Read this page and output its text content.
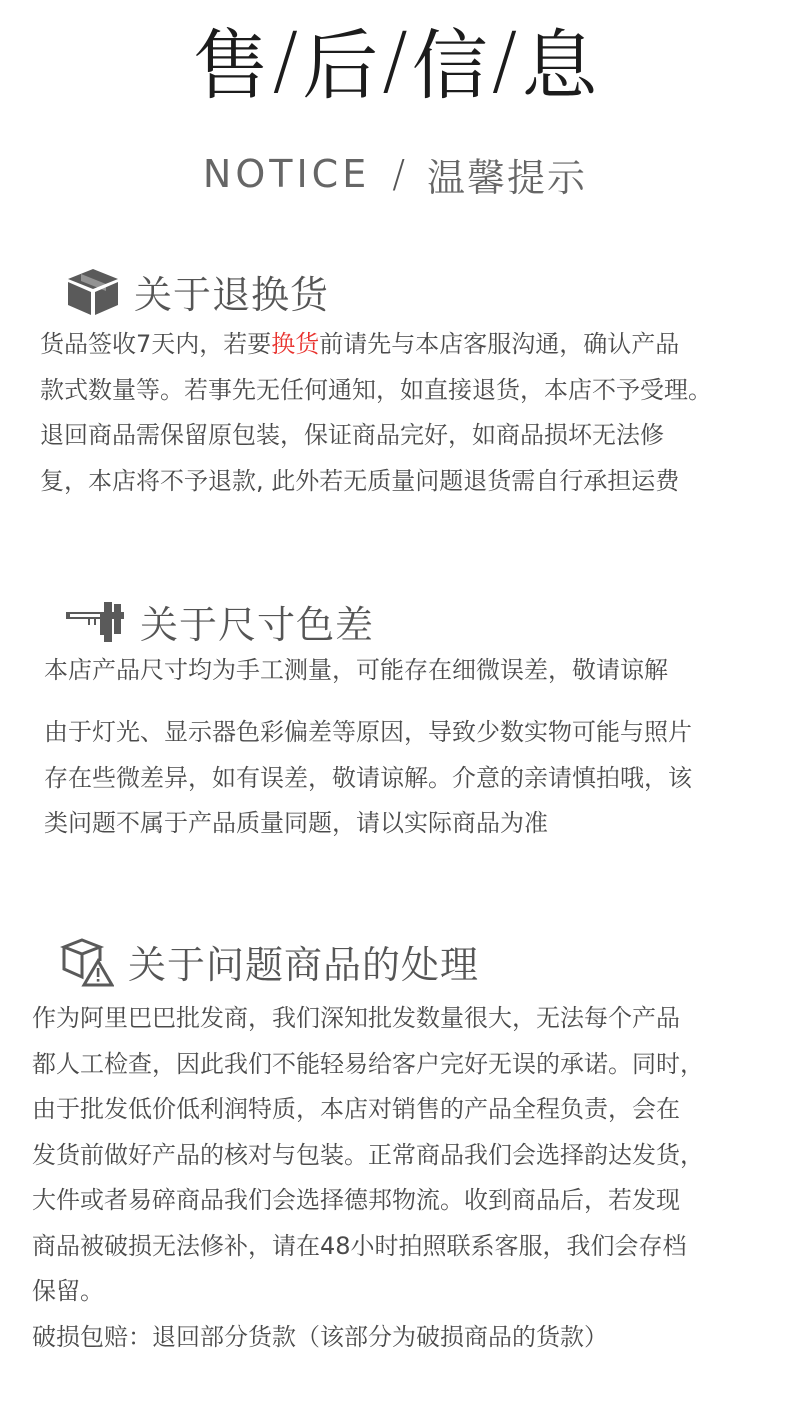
售 / 后 / 信 / 息
NOTICE / 温馨提示
关于退换货
货品签收7天内，若要换货前请先与本店客服沟通，确认产品
款式数量等。若事先无任何通知，如直接退货，本店不予受理。
退回商品需保留原包装，保证商品完好，如商品损坏无法修
复，本店将不予退款, 此外若无质量问题退货需自行承担运费
关于尺寸色差
本店产品尺寸均为手工测量，可能存在细微误差，敬请谅解
由于灯光、显示器色彩偏差等原因，导致少数实物可能与照片
存在些微差异，如有误差，敬请谅解。介意的亲请慎拍哦，该
类问题不属于产品质量同题，请以实际商品为准
关于问题商品的处理
作为阿里巴巴批发商，我们深知批发数量很大，无法每个产品
都人工检查，因此我们不能轻易给客户完好无误的承诺。同时，
由于批发低价低利润特质，本店对销售的产品全程负责，会在
发货前做好产品的核对与包装。正常商品我们会选择韵达发货，
大件或者易碎商品我们会选择德邦物流。收到商品后，若发现
商品被破损无法修补，请在48小时拍照联系客服，我们会存档
保留。
破损包赔：退回部分货款（该部分为破损商品的货款）
